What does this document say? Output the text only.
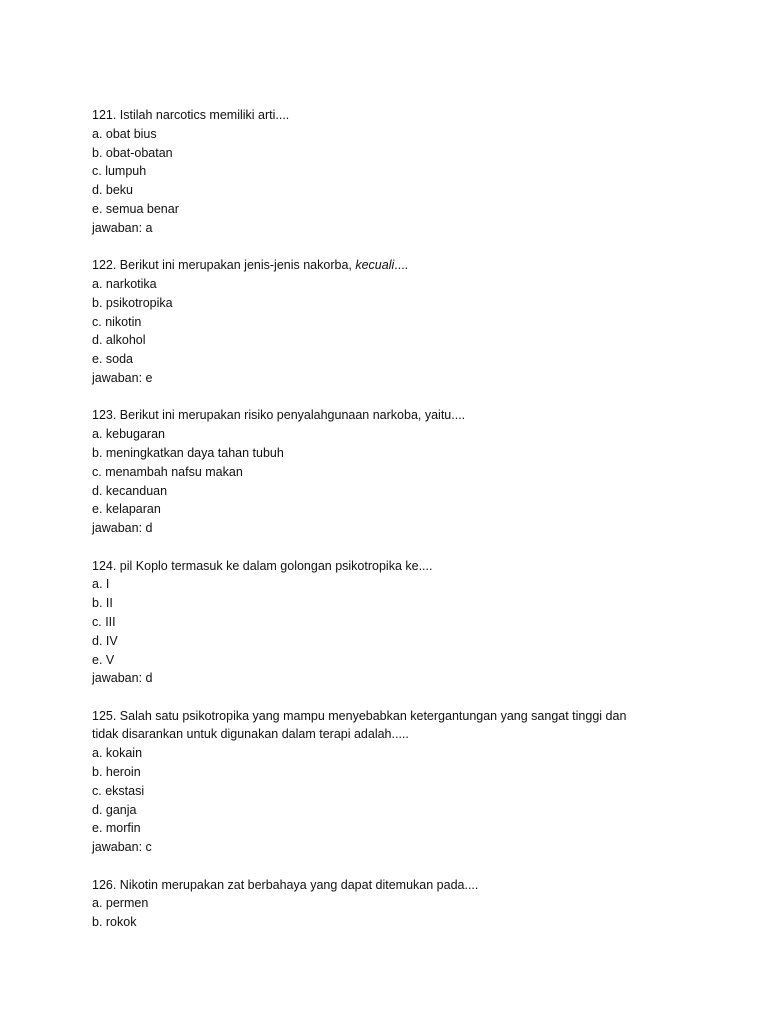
121. Istilah narcotics memiliki arti....
a. obat bius
b. obat-obatan
c. lumpuh
d. beku
e. semua benar
jawaban: a
122. Berikut ini merupakan jenis-jenis nakorba, kecuali....
a. narkotika
b. psikotropika
c. nikotin
d. alkohol
e. soda
jawaban: e
123. Berikut ini merupakan risiko penyalahgunaan narkoba, yaitu....
a. kebugaran
b. meningkatkan daya tahan tubuh
c. menambah nafsu makan
d. kecanduan
e. kelaparan
jawaban: d
124. pil Koplo termasuk ke dalam golongan psikotropika ke....
a. I
b. II
c. III
d. IV
e. V
jawaban: d
125. Salah satu psikotropika yang mampu menyebabkan ketergantungan yang sangat tinggi dan
tidak disarankan untuk digunakan dalam terapi adalah.....
a. kokain
b. heroin
c. ekstasi
d. ganja
e. morfin
jawaban: c
126. Nikotin merupakan zat berbahaya yang dapat ditemukan pada....
a. permen
b. rokok
